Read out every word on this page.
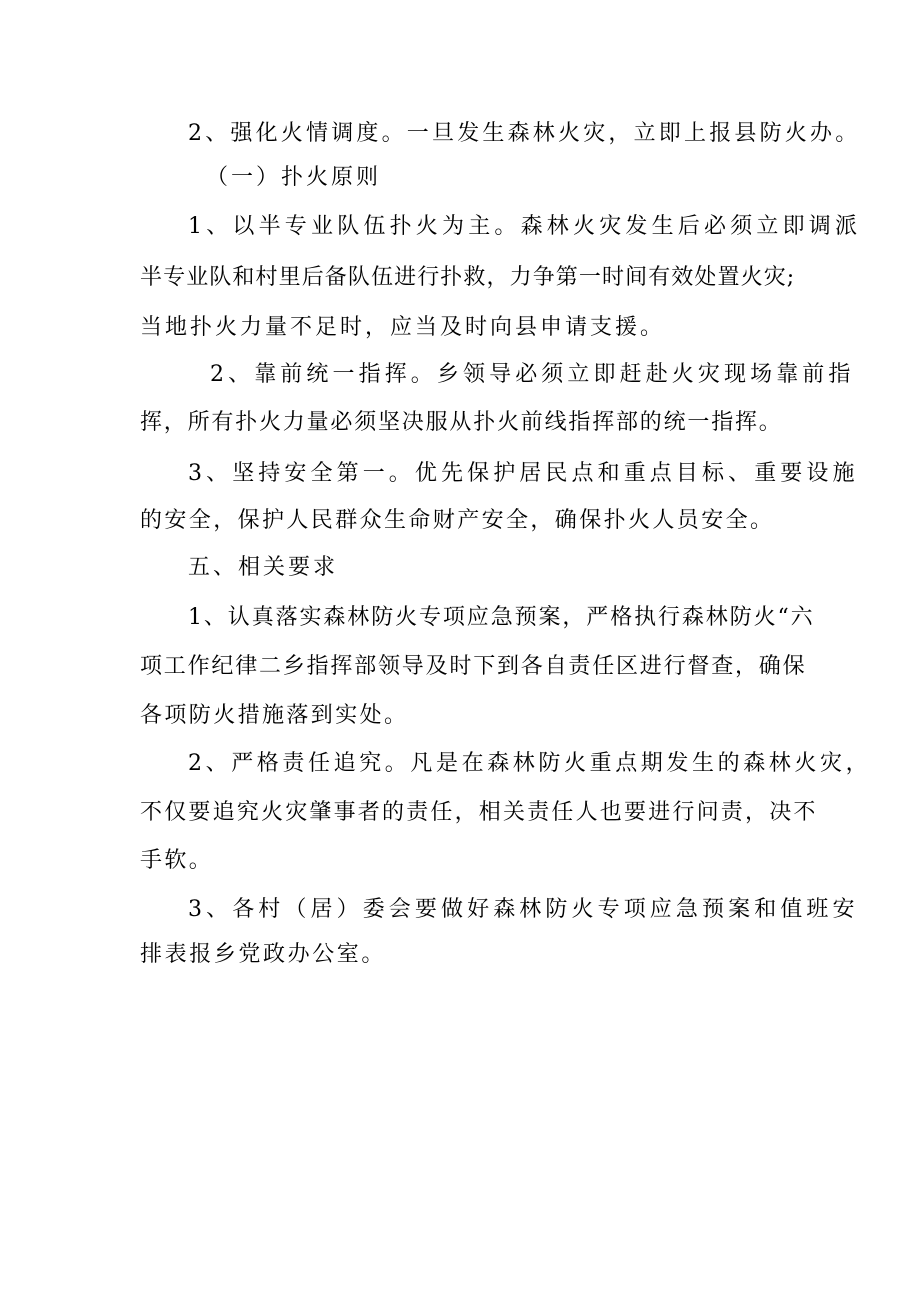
2、强化火情调度。一旦发生森林火灾，立即上报县防火办。
（一）扑火原则
1、以半专业队伍扑火为主。森林火灾发生后必须立即调派
半专业队和村里后备队伍进行扑救，力争第一时间有效处置火灾;
当地扑火力量不足时，应当及时向县申请支援。
2、靠前统一指挥。乡领导必须立即赶赴火灾现场靠前指
挥，所有扑火力量必须坚决服从扑火前线指挥部的统一指挥。
3、坚持安全第一。优先保护居民点和重点目标、重要设施
的安全，保护人民群众生命财产安全，确保扑火人员安全。
五、相关要求
1、认真落实森林防火专项应急预案，严格执行森林防火“六
项工作纪律二乡指挥部领导及时下到各自责任区进行督查，确保
各项防火措施落到实处。
2、严格责任追究。凡是在森林防火重点期发生的森林火灾，
不仅要追究火灾肇事者的责任，相关责任人也要进行问责，决不
手软。
3、各村（居）委会要做好森林防火专项应急预案和值班安
排表报乡党政办公室。
